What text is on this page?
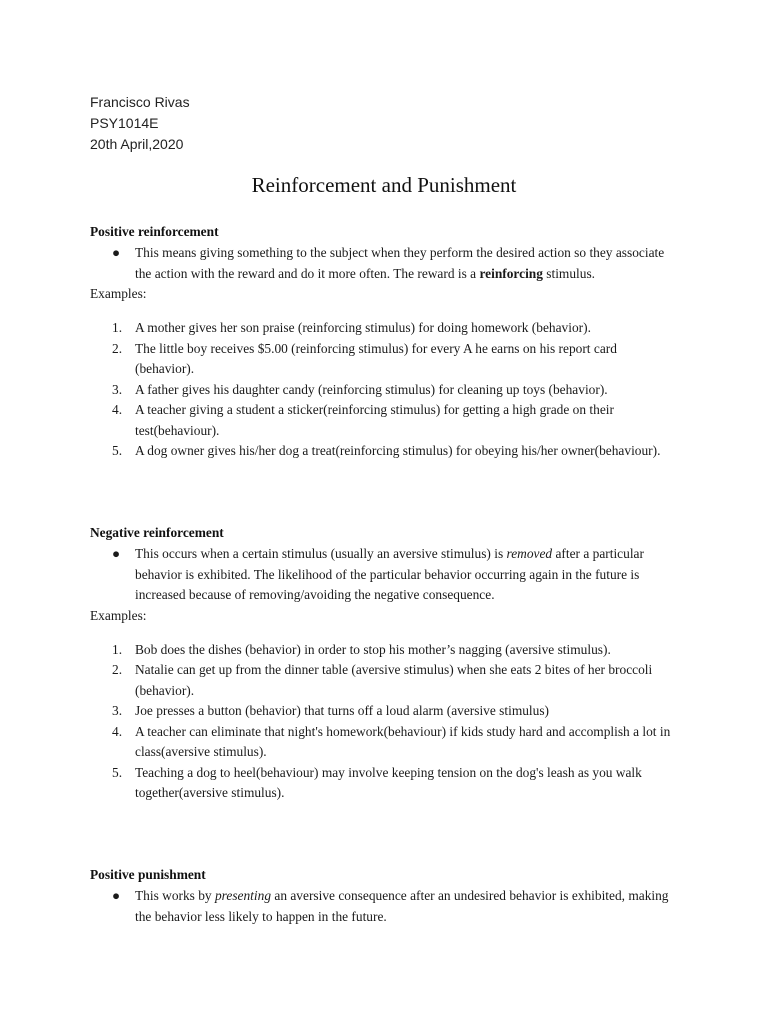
Francisco Rivas
PSY1014E
20th April,2020
Reinforcement and Punishment
Positive reinforcement
● This means giving something to the subject when they perform the desired action so they associate the action with the reward and do it more often. The reward is a reinforcing stimulus.
Examples:
1. A mother gives her son praise (reinforcing stimulus) for doing homework (behavior).
2. The little boy receives $5.00 (reinforcing stimulus) for every A he earns on his report card (behavior).
3. A father gives his daughter candy (reinforcing stimulus) for cleaning up toys (behavior).
4. A teacher giving a student a sticker(reinforcing stimulus) for getting a high grade on their test(behaviour).
5. A dog owner gives his/her dog a treat(reinforcing stimulus) for obeying his/her owner(behaviour).
Negative reinforcement
● This occurs when a certain stimulus (usually an aversive stimulus) is removed after a particular behavior is exhibited. The likelihood of the particular behavior occurring again in the future is increased because of removing/avoiding the negative consequence.
Examples:
1. Bob does the dishes (behavior) in order to stop his mother’s nagging (aversive stimulus).
2. Natalie can get up from the dinner table (aversive stimulus) when she eats 2 bites of her broccoli (behavior).
3. Joe presses a button (behavior) that turns off a loud alarm (aversive stimulus)
4. A teacher can eliminate that night's homework(behaviour) if kids study hard and accomplish a lot in class(aversive stimulus).
5. Teaching a dog to heel(behaviour) may involve keeping tension on the dog's leash as you walk together(aversive stimulus).
Positive punishment
● This works by presenting an aversive consequence after an undesired behavior is exhibited, making the behavior less likely to happen in the future.
